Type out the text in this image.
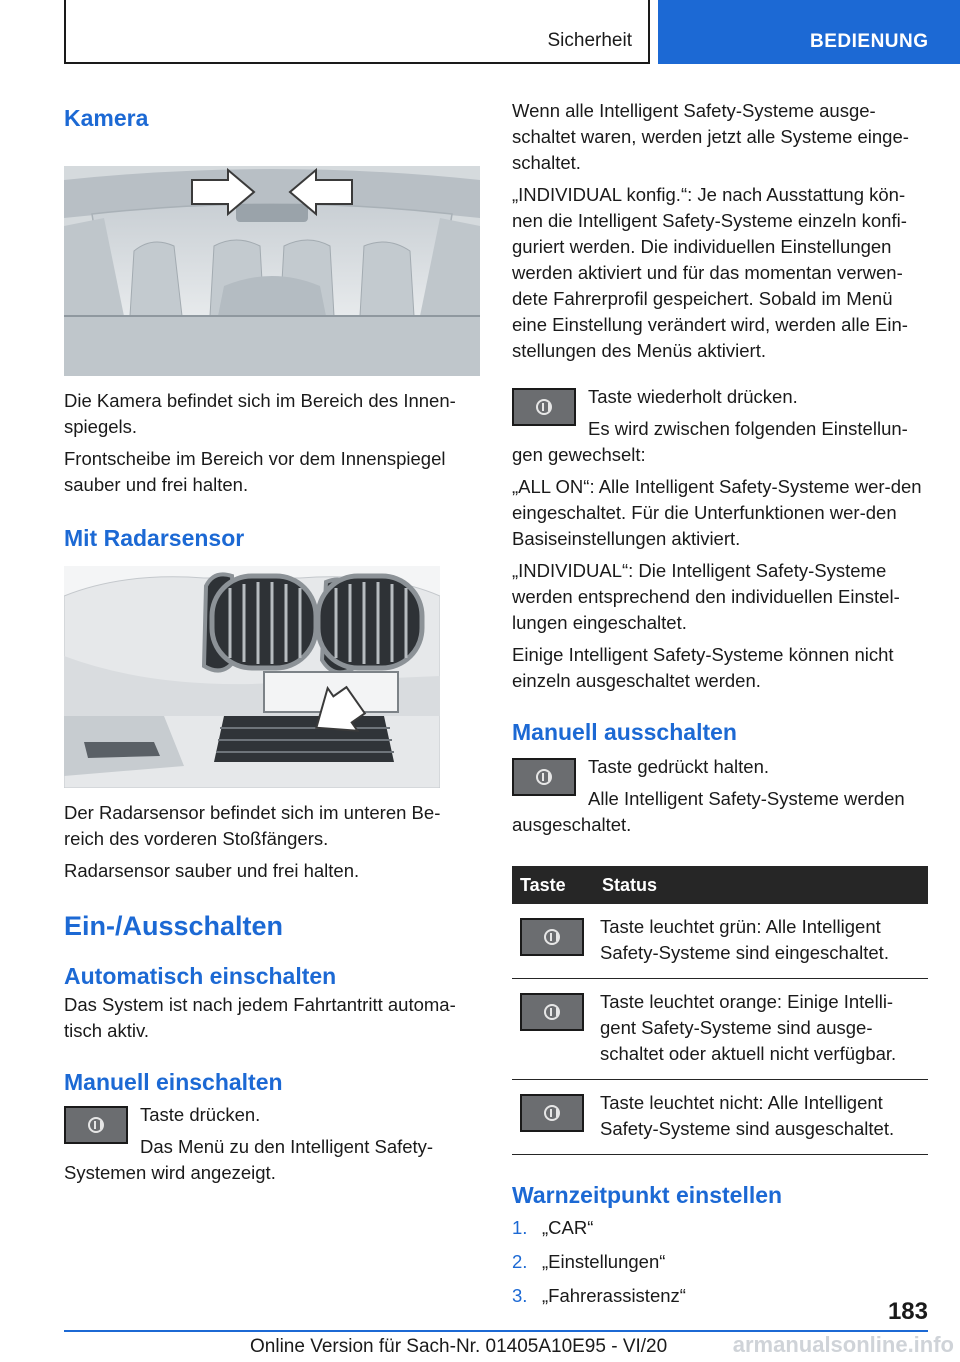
Sicherheit	BEDIENUNG
Kamera

Die Kamera befindet sich im Bereich des Innen-spiegels.

Frontscheibe im Bereich vor dem Innenspiegel sauber und frei halten.

Mit Radarsensor

Der Radarsensor befindet sich im unteren Be-reich des vorderen Stoßfängers.

Radarsensor sauber und frei halten.

Ein-/Ausschalten
Automatisch einschalten

Das System ist nach jedem Fahrtantritt automa-tisch aktiv.

Manuell einschalten

Taste drücken.

Das Menü zu den Intelligent Safety-Systemen wird angezeigt.

Wenn alle Intelligent Safety-Systeme ausge-schaltet waren, werden jetzt alle Systeme einge-schaltet.

„INDIVIDUAL konfig.“: Je nach Ausstattung kön-nen die Intelligent Safety-Systeme einzeln konfi-guriert werden. Die individuellen Einstellungen werden aktiviert und für das momentan verwen-dete Fahrerprofil gespeichert. Sobald im Menü eine Einstellung verändert wird, werden alle Ein-stellungen des Menüs aktiviert.

Taste wiederholt drücken.

Es wird zwischen folgenden Einstellun-gen gewechselt:

„ALL ON“: Alle Intelligent Safety-Systeme wer-den eingeschaltet. Für die Unterfunktionen wer-den Basiseinstellungen aktiviert.

„INDIVIDUAL“: Die Intelligent Safety-Systeme werden entsprechend den individuellen Einstel-lungen eingeschaltet.

Einige Intelligent Safety-Systeme können nicht einzeln ausgeschaltet werden.

Manuell ausschalten

Taste gedrückt halten.

Alle Intelligent Safety-Systeme werden ausgeschaltet.

Taste	Status

	Taste leuchtet grün: Alle Intelligent Safety-Systeme sind eingeschaltet.

	Taste leuchtet orange: Einige Intelli-gent Safety-Systeme sind ausge-schaltet oder aktuell nicht verfügbar.

	Taste leuchtet nicht: Alle Intelligent Safety-Systeme sind ausgeschaltet.
Warnzeitpunkt einstellen
1. „CAR“
2. „Einstellungen“
3. „Fahrerassistenz“
183
Online Version für Sach-Nr. 01405A10E95 - VI/20	armanualsonline.info
